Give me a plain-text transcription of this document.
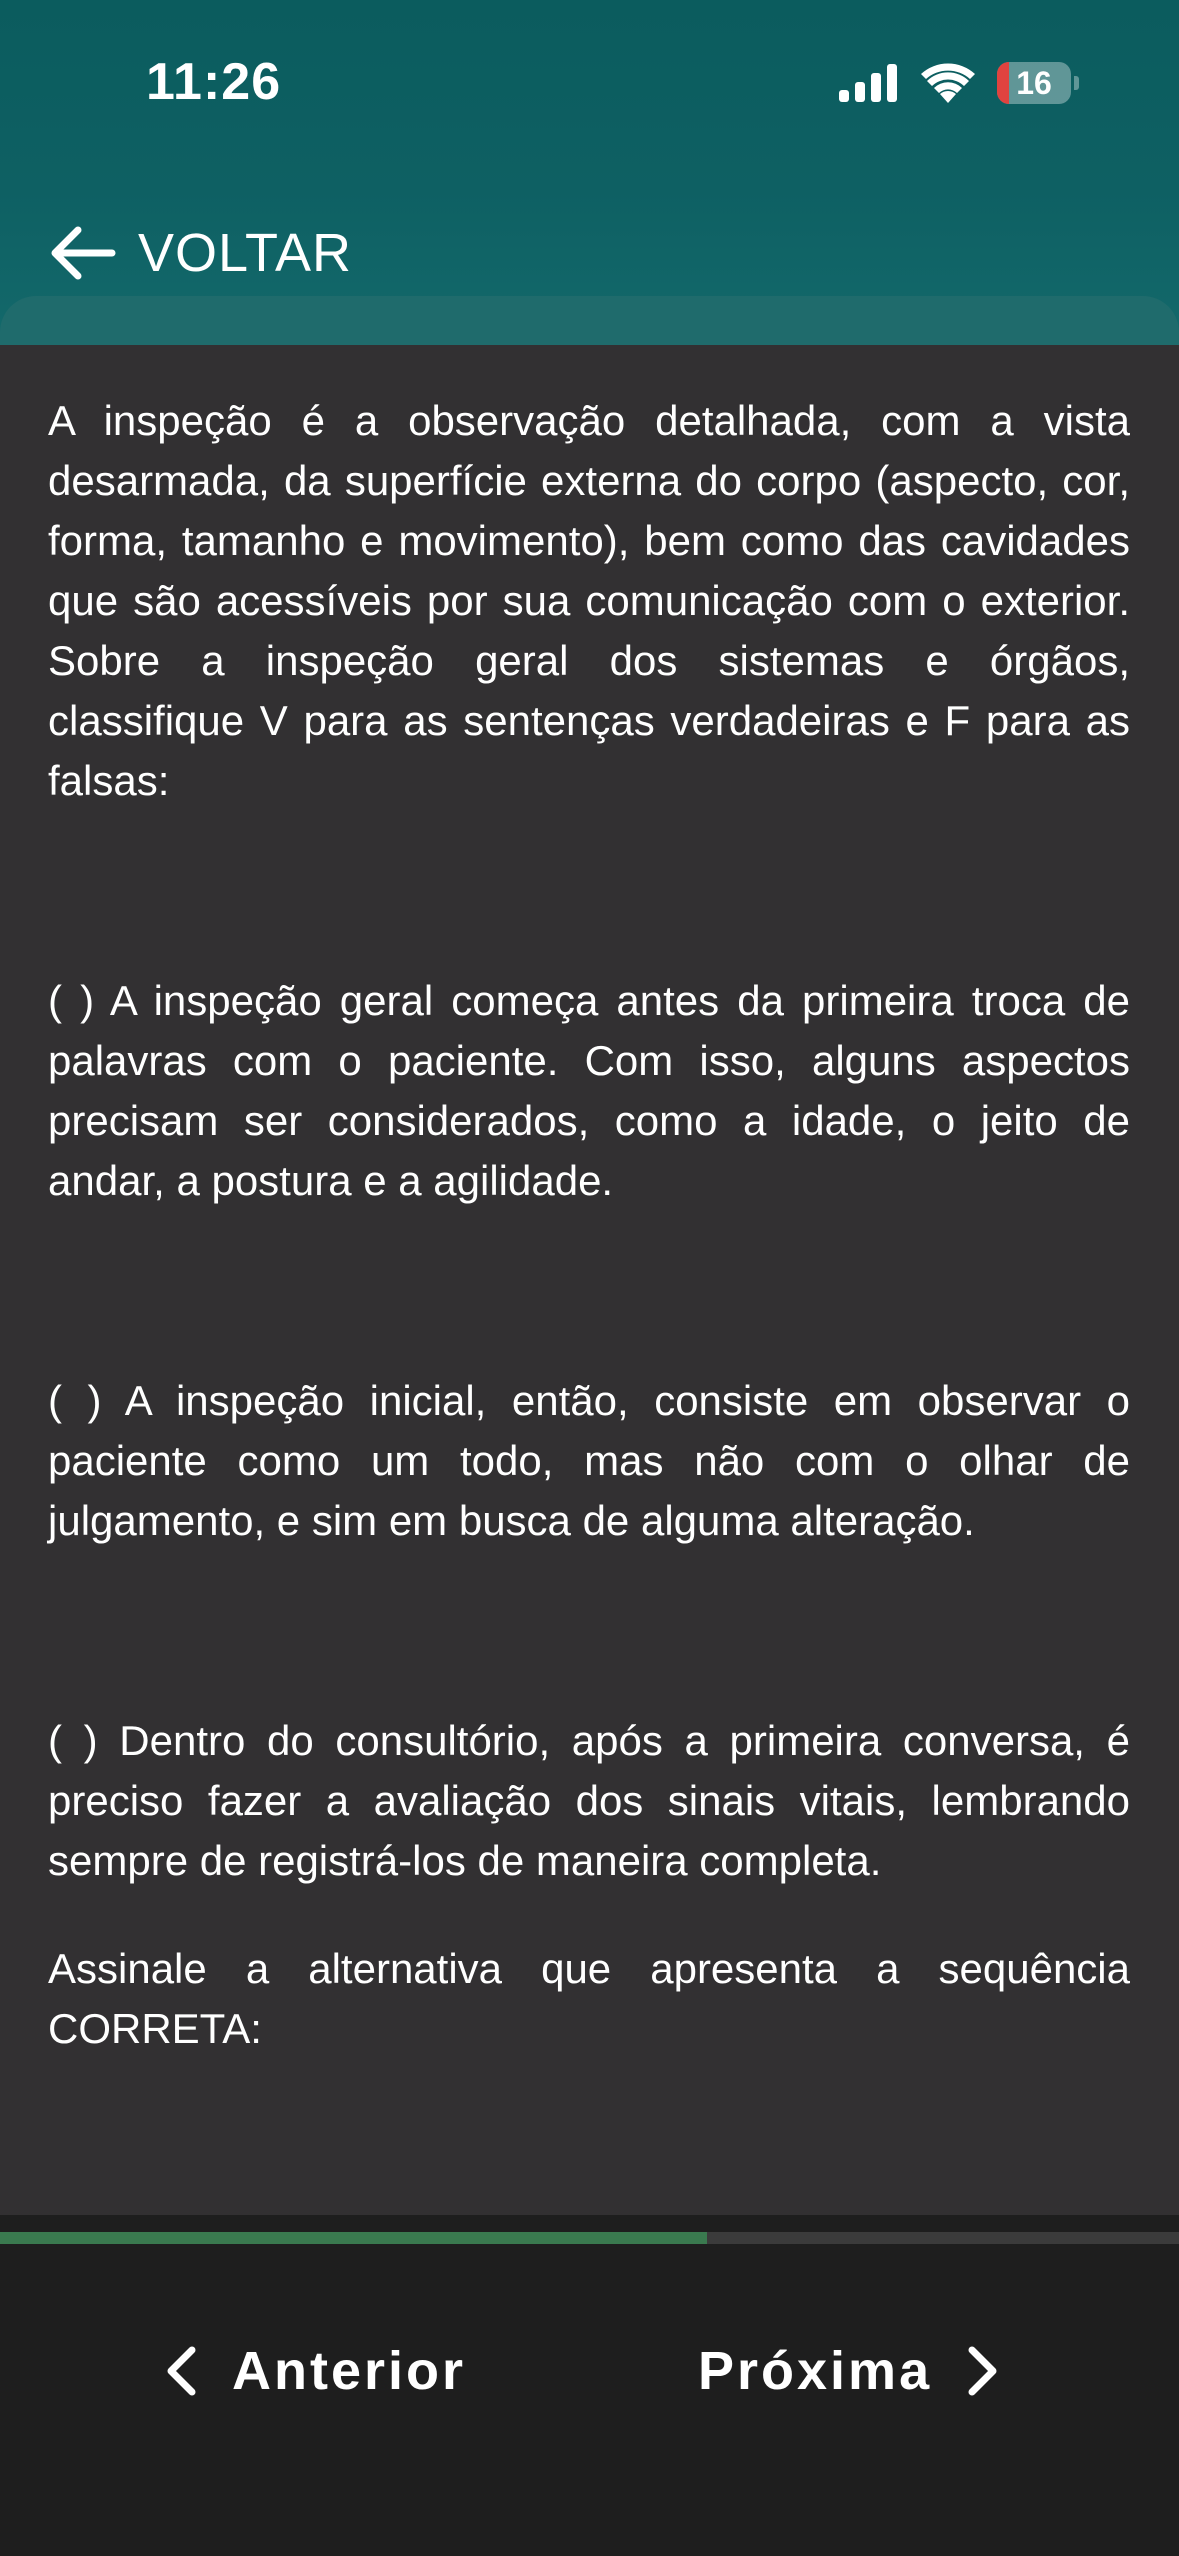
11:26	16
VOLTAR

A inspeção é a observação detalhada, com a vista desarmada, da superfície externa do corpo (aspecto, cor, forma, tamanho e movimento), bem como das cavidades que são acessíveis por sua comunicação com o exterior. Sobre a inspeção geral dos sistemas e órgãos, classifique V para as sentenças verdadeiras e F para as falsas:

( ) A inspeção geral começa antes da primeira troca de palavras com o paciente. Com isso, alguns aspectos precisam ser considerados, como a idade, o jeito de andar, a postura e a agilidade.

( ) A inspeção inicial, então, consiste em observar o paciente como um todo, mas não com o olhar de julgamento, e sim em busca de alguma alteração.

( ) Dentro do consultório, após a primeira conversa, é preciso fazer a avaliação dos sinais vitais, lembrando sempre de registrá-los de maneira completa.

Assinale a alternativa que apresenta a sequência CORRETA:

Anterior	Próxima
